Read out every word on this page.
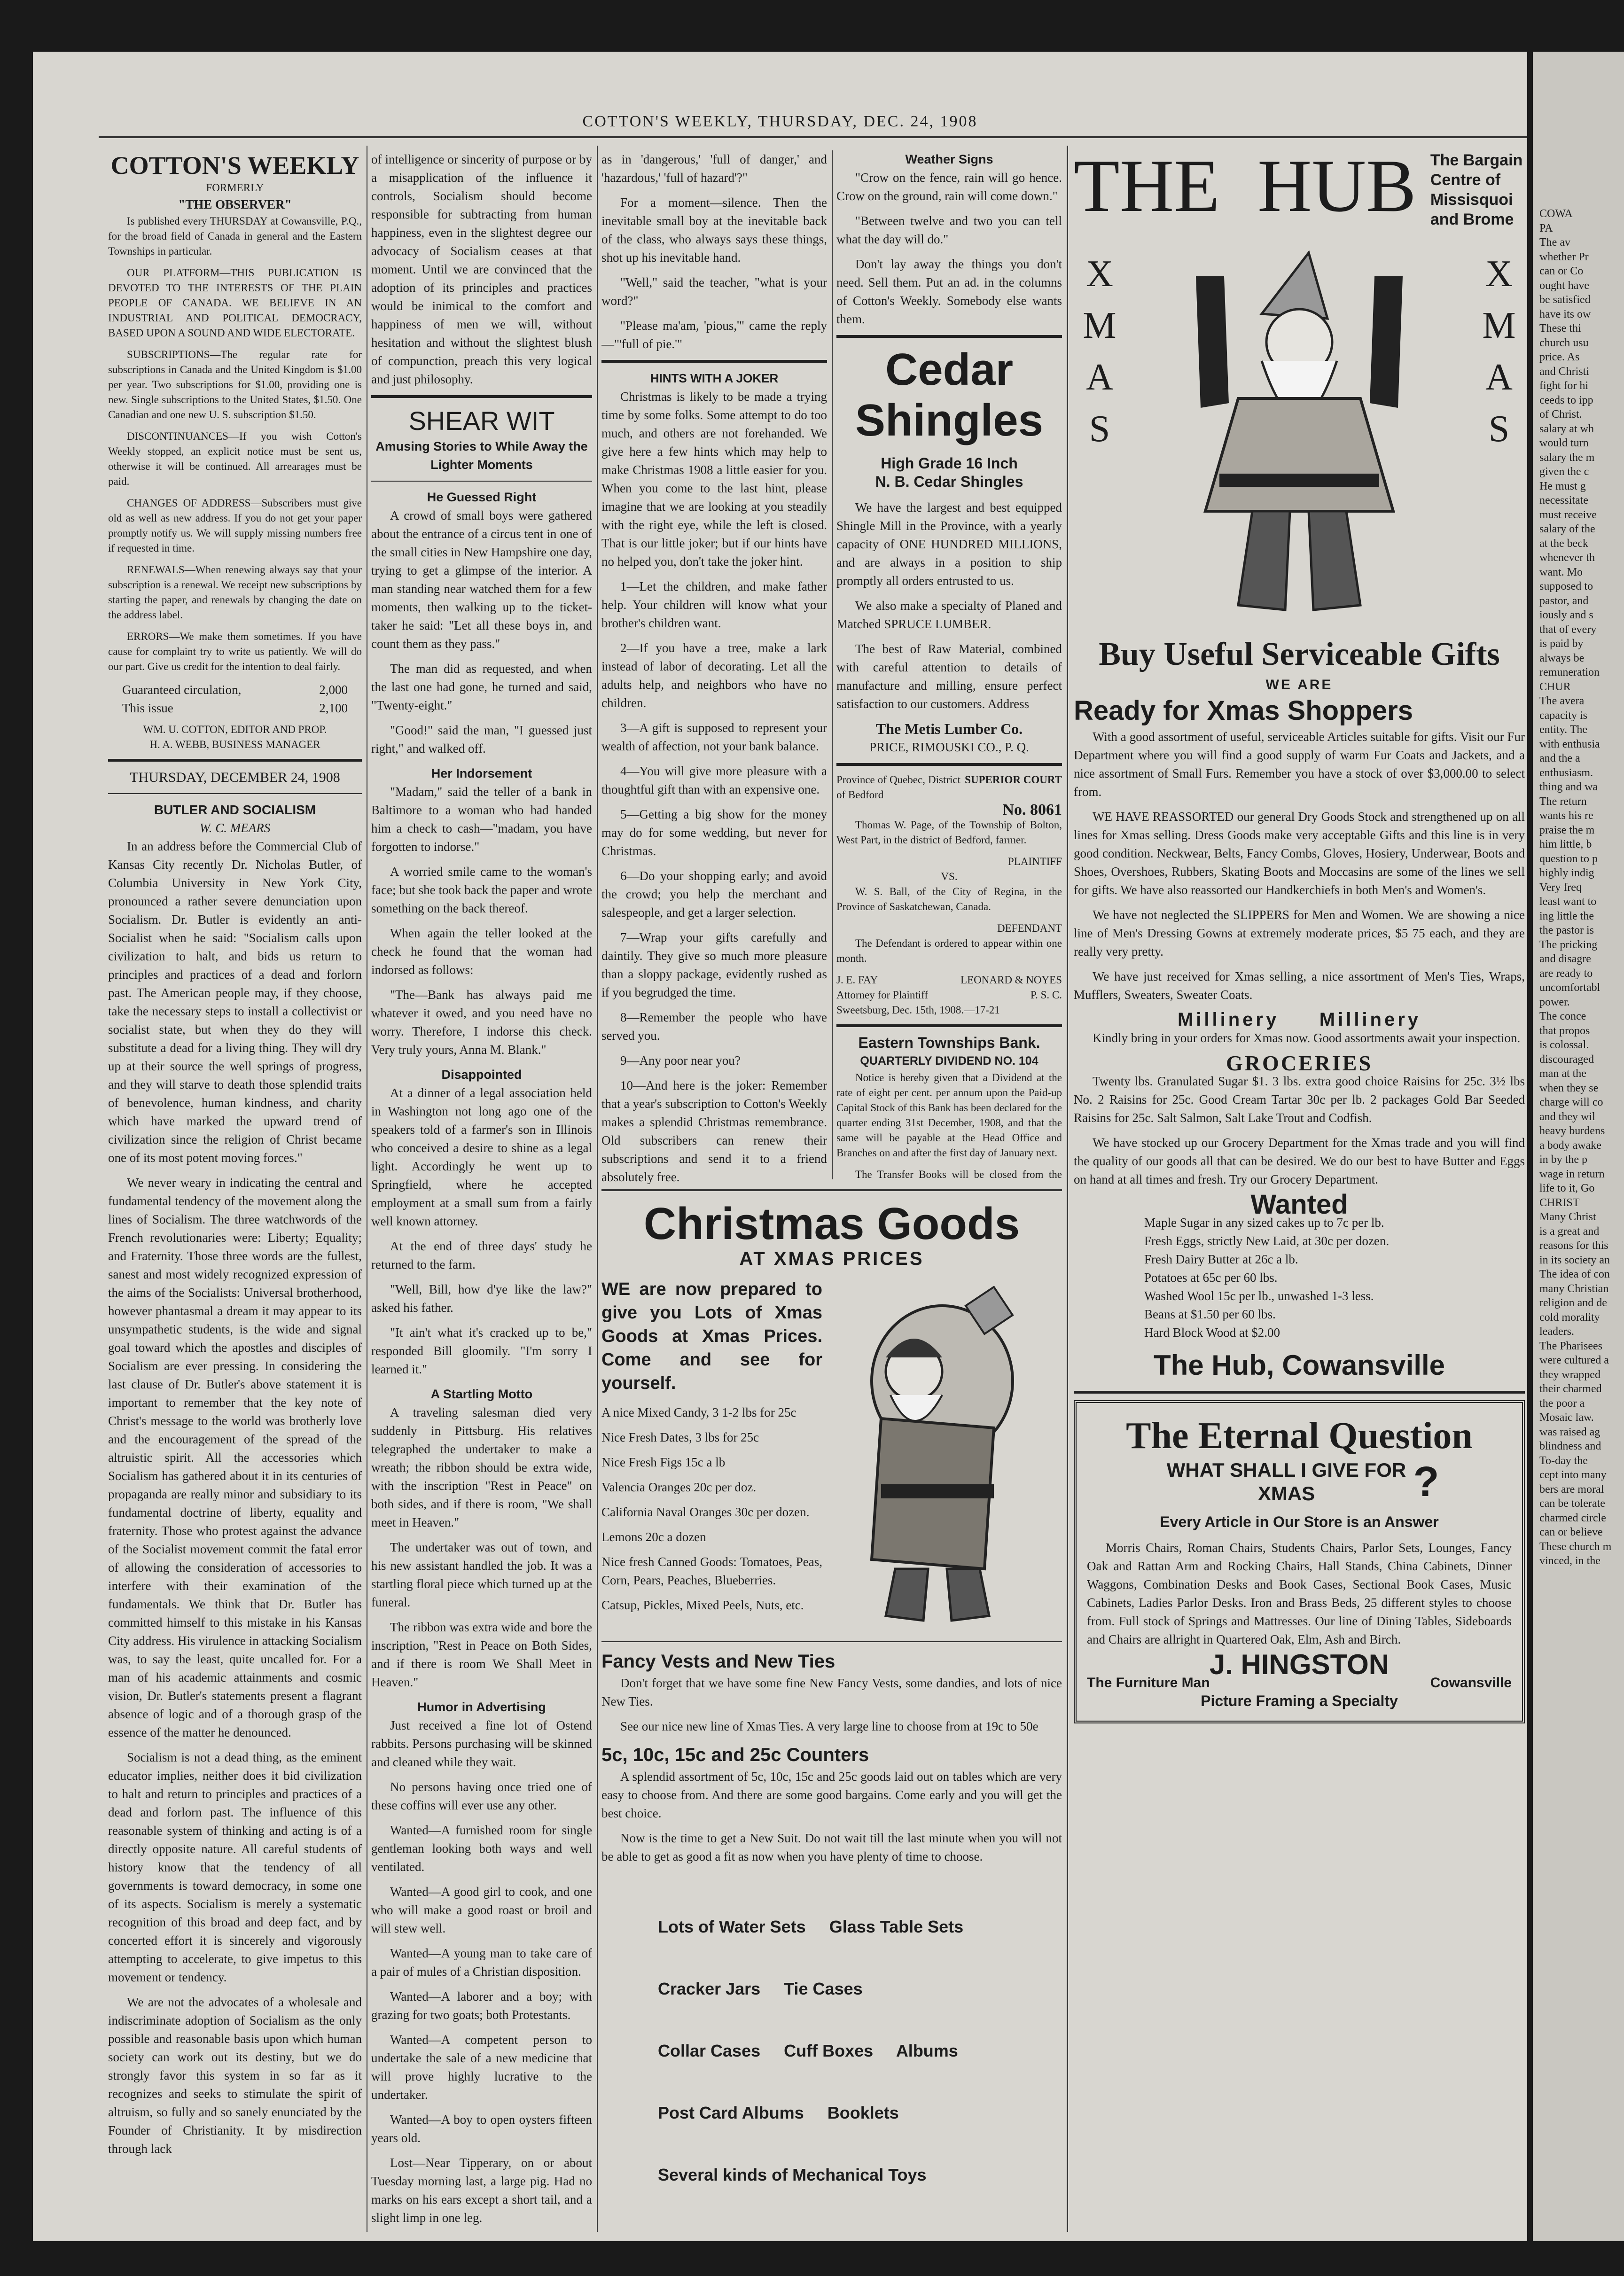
COTTON'S WEEKLY, THURSDAY, DEC. 24, 1908
COTTON'S WEEKLY
FORMERLY
"THE OBSERVER"

Is published every THURSDAY at Cowansville, P.Q., for the broad field of Canada in general and the Eastern Townships in particular.

OUR PLATFORM—THIS PUBLICATION IS DEVOTED TO THE INTERESTS OF THE PLAIN PEOPLE OF CANADA. WE BELIEVE IN AN INDUSTRIAL AND POLITICAL DEMOCRACY, BASED UPON A SOUND AND WIDE ELECTORATE.

SUBSCRIPTIONS—The regular rate for subscriptions in Canada and the United Kingdom is $1.00 per year. Two subscriptions for $1.00, providing one is new. Single subscriptions to the United States, $1.50. One Canadian and one new U. S. subscription $1.50.

DISCONTINUANCES—If you wish Cotton's Weekly stopped, an explicit notice must be sent us, otherwise it will be continued. All arrearages must be paid.

CHANGES OF ADDRESS—Subscribers must give old as well as new address. If you do not get your paper promptly notify us. We will supply missing numbers free if requested in time.

RENEWALS—When renewing always say that your subscription is a renewal. We receipt new subscriptions by starting the paper, and renewals by changing the date on the address label.

ERRORS—We make them sometimes. If you have cause for complaint try to write us patiently. We will do our part. Give us credit for the intention to deal fairly.

Guaranteed circulation,	2,000
This issue	2,100
WM. U. COTTON, EDITOR AND PROP.
H. A. WEBB, BUSINESS MANAGER
THURSDAY, DECEMBER 24, 1908
BUTLER AND SOCIALISM
W. C. MEARS

In an address before the Commercial Club of Kansas City recently Dr. Nicholas Butler, of Columbia University in New York City, pronounced a rather severe denunciation upon Socialism. Dr. Butler is evidently an anti-Socialist when he said: "Socialism calls upon civilization to halt, and bids us return to principles and practices of a dead and forlorn past. The American people may, if they choose, take the necessary steps to install a collectivist or socialist state, but when they do they will substitute a dead for a living thing. They will dry up at their source the well springs of progress, and they will starve to death those splendid traits of benevolence, human kindness, and charity which have marked the upward trend of civilization since the religion of Christ became one of its most potent moving forces."

We never weary in indicating the central and fundamental tendency of the movement along the lines of Socialism. The three watchwords of the French revolutionaries were: Liberty; Equality; and Fraternity. Those three words are the fullest, sanest and most widely recognized expression of the aims of the Socialists: Universal brotherhood, however phantasmal a dream it may appear to its unsympathetic students, is the wide and signal goal toward which the apostles and disciples of Socialism are ever pressing. In considering the last clause of Dr. Butler's above statement it is important to remember that the key note of Christ's message to the world was brotherly love and the encouragement of the spread of the altruistic spirit. All the accessories which Socialism has gathered about it in its centuries of propaganda are really minor and subsidiary to its fundamental doctrine of liberty, equality and fraternity. Those who protest against the advance of the Socialist movement commit the fatal error of allowing the consideration of accessories to interfere with their examination of the fundamentals. We think that Dr. Butler has committed himself to this mistake in his Kansas City address. His virulence in attacking Socialism was, to say the least, quite uncalled for. For a man of his academic attainments and cosmic vision, Dr. Butler's statements present a flagrant absence of logic and of a thorough grasp of the essence of the matter he denounced.

Socialism is not a dead thing, as the eminent educator implies, neither does it bid civilization to halt and return to principles and practices of a dead and forlorn past. The influence of this reasonable system of thinking and acting is of a directly opposite nature. All careful students of history know that the tendency of all governments is toward democracy, in some one of its aspects. Socialism is merely a systematic recognition of this broad and deep fact, and by concerted effort it is sincerely and vigorously attempting to accelerate, to give impetus to this movement or tendency.

We are not the advocates of a wholesale and indiscriminate adoption of Socialism as the only possible and reasonable basis upon which human society can work out its destiny, but we do strongly favor this system in so far as it recognizes and seeks to stimulate the spirit of altruism, so fully and so sanely enunciated by the Founder of Christianity. It by misdirection through lack

of intelligence or sincerity of purpose or by a misapplication of the influence it controls, Socialism should become responsible for subtracting from human happiness, even in the slightest degree our advocacy of Socialism ceases at that moment. Until we are convinced that the adoption of its principles and practices would be inimical to the comfort and happiness of men we will, without hesitation and without the slightest blush of compunction, preach this very logical and just philosophy.

SHEAR WIT
Amusing Stories to While Away the Lighter Moments
He Guessed Right

A crowd of small boys were gathered about the entrance of a circus tent in one of the small cities in New Hampshire one day, trying to get a glimpse of the interior. A man standing near watched them for a few moments, then walking up to the ticket-taker he said: "Let all these boys in, and count them as they pass."

The man did as requested, and when the last one had gone, he turned and said, "Twenty-eight."

"Good!" said the man, "I guessed just right," and walked off.

Her Indorsement

"Madam," said the teller of a bank in Baltimore to a woman who had handed him a check to cash—"madam, you have forgotten to indorse."

A worried smile came to the woman's face; but she took back the paper and wrote something on the back thereof.

When again the teller looked at the check he found that the woman had indorsed as follows:

"The—Bank has always paid me whatever it owed, and you need have no worry. Therefore, I indorse this check. Very truly yours, Anna M. Blank."

Disappointed

At a dinner of a legal association held in Washington not long ago one of the speakers told of a farmer's son in Illinois who conceived a desire to shine as a legal light. Accordingly he went up to Springfield, where he accepted employment at a small sum from a fairly well known attorney.

At the end of three days' study he returned to the farm.

"Well, Bill, how d'ye like the law?" asked his father.

"It ain't what it's cracked up to be," responded Bill gloomily. "I'm sorry I learned it."

A Startling Motto

A traveling salesman died very suddenly in Pittsburg. His relatives telegraphed the undertaker to make a wreath; the ribbon should be extra wide, with the inscription "Rest in Peace" on both sides, and if there is room, "We shall meet in Heaven."

The undertaker was out of town, and his new assistant handled the job. It was a startling floral piece which turned up at the funeral.

The ribbon was extra wide and bore the inscription, "Rest in Peace on Both Sides, and if there is room We Shall Meet in Heaven."

Humor in Advertising

Just received a fine lot of Ostend rabbits. Persons purchasing will be skinned and cleaned while they wait.

No persons having once tried one of these coffins will ever use any other.

Wanted—A furnished room for single gentleman looking both ways and well ventilated.

Wanted—A good girl to cook, and one who will make a good roast or broil and will stew well.

Wanted—A young man to take care of a pair of mules of a Christian disposition.

Wanted—A laborer and a boy; with grazing for two goats; both Protestants.

Wanted—A competent person to undertake the sale of a new medicine that will prove highly lucrative to the undertaker.

Wanted—A boy to open oysters fifteen years old.

Lost—Near Tipperary, on or about Tuesday morning last, a large pig. Had no marks on his ears except a short tail, and a slight limp in one leg.

as in 'dangerous,' 'full of danger,' and 'hazardous,' 'full of hazard'?"

For a moment—silence. Then the inevitable small boy at the inevitable back of the class, who always says these things, shot up his inevitable hand.

"Well," said the teacher, "what is your word?"

"Please ma'am, 'pious,'" came the reply—"'full of pie.'"

HINTS WITH A JOKER

Christmas is likely to be made a trying time by some folks. Some attempt to do too much, and others are not forehanded. We give here a few hints which may help to make Christmas 1908 a little easier for you. When you come to the last hint, please imagine that we are looking at you steadily with the right eye, while the left is closed. That is our little joker; but if our hints have no helped you, don't take the joker hint.

1—Let the children, and make father help. Your children will know what your brother's children want.

2—If you have a tree, make a lark instead of labor of decorating. Let all the adults help, and neighbors who have no children.

3—A gift is supposed to represent your wealth of affection, not your bank balance.

4—You will give more pleasure with a thoughtful gift than with an expensive one.

5—Getting a big show for the money may do for some wedding, but never for Christmas.

6—Do your shopping early; and avoid the crowd; you help the merchant and salespeople, and get a larger selection.

7—Wrap your gifts carefully and daintily. They give so much more pleasure than a sloppy package, evidently rushed as if you begrudged the time.

8—Remember the people who have served you.

9—Any poor near you?

10—And here is the joker: Remember that a year's subscription to Cotton's Weekly makes a splendid Christmas remembrance. Old subscribers can renew their subscriptions and send it to a friend absolutely free.

Weather Signs

"Crow on the fence, rain will go hence. Crow on the ground, rain will come down."

"Between twelve and two you can tell what the day will do."

Don't lay away the things you don't need. Sell them. Put an ad. in the columns of Cotton's Weekly. Somebody else wants them.

Cedar
Shingles
High Grade 16 Inch
N. B. Cedar Shingles

We have the largest and best equipped Shingle Mill in the Province, with a yearly capacity of ONE HUNDRED MILLIONS, and are always in a position to ship promptly all orders entrusted to us.

We also make a specialty of Planed and Matched SPRUCE LUMBER.

The best of Raw Material, combined with careful attention to details of manufacture and milling, ensure perfect satisfaction to our customers. Address

The Metis Lumber Co.
PRICE, RIMOUSKI CO., P. Q.
Province of Quebec, District of Bedford
SUPERIOR COURT
No. 8061

Thomas W. Page, of the Township of Bolton, West Part, in the district of Bedford, farmer.

PLAINTIFF
VS.

W. S. Ball, of the City of Regina, in the Province of Saskatchewan, Canada.

DEFENDANT

The Defendant is ordered to appear within one month.

J. E. FAY	LEONARD & NOYES
Attorney for Plaintiff	P. S. C.
Sweetsburg, Dec. 15th, 1908.—17-21
Eastern Townships Bank.
QUARTERLY DIVIDEND NO. 104

Notice is hereby given that a Dividend at the rate of eight per cent. per annum upon the Paid-up Capital Stock of this Bank has been declared for the quarter ending 31st December, 1908, and that the same will be payable at the Head Office and Branches on and after the first day of January next.

The Transfer Books will be closed from the

Christmas Goods
AT XMAS PRICES
WE are now prepared to give you Lots of Xmas Goods at Xmas Prices. Come and see for yourself.

A nice Mixed Candy, 3 1-2 lbs for 25c

Nice Fresh Dates, 3 lbs for 25c

Nice Fresh Figs 15c a lb

Valencia Oranges 20c per doz.

California Naval Oranges 30c per dozen.

Lemons 20c a dozen

Nice fresh Canned Goods: Tomatoes, Peas, Corn, Pears, Peaches, Blueberries.

Catsup, Pickles, Mixed Peels, Nuts, etc.

Fancy Vests and New Ties

Don't forget that we have some fine New Fancy Vests, some dandies, and lots of nice New Ties.

See our nice new line of Xmas Ties. A very large line to choose from at 19c to 50e

5c, 10c, 15c and 25c Counters

A splendid assortment of 5c, 10c, 15c and 25c goods laid out on tables which are very easy to choose from. And there are some good bargains. Come early and you will get the best choice.

Now is the time to get a New Suit. Do not wait till the last minute when you will not be able to get as good a fit as now when you have plenty of time to choose.

Lots of Water Sets     Glass Table Sets

Cracker Jars     Tie Cases

Collar Cases     Cuff Boxes     Albums

Post Card Albums     Booklets

Several kinds of Mechanical Toys

THE HUB The Bargain Centre of Missisquoi and Brome
X
M
A
S
X
M
A
S
Buy Useful Serviceable Gifts
WE ARE
Ready for Xmas Shoppers

With a good assortment of useful, serviceable Articles suitable for gifts. Visit our Fur Department where you will find a good supply of warm Fur Coats and Jackets, and a nice assortment of Small Furs. Remember you have a stock of over $3,000.00 to select from.

WE HAVE REASSORTED our general Dry Goods Stock and strengthened up on all lines for Xmas selling. Dress Goods make very acceptable Gifts and this line is in very good condition. Neckwear, Belts, Fancy Combs, Gloves, Hosiery, Underwear, Boots and Shoes, Overshoes, Rubbers, Skating Boots and Moccasins are some of the lines we sell for gifts. We have also reassorted our Handkerchiefs in both Men's and Women's.

We have not neglected the SLIPPERS for Men and Women. We are showing a nice line of Men's Dressing Gowns at extremely moderate prices, $5 75 each, and they are really very pretty.

We have just received for Xmas selling, a nice assortment of Men's Ties, Wraps, Mufflers, Sweaters, Sweater Coats.

Millinery     Millinery

Kindly bring in your orders for Xmas now. Good assortments await your inspection.

GROCERIES

Twenty lbs. Granulated Sugar $1. 3 lbs. extra good choice Raisins for 25c. 3½ lbs No. 2 Raisins for 25c. Good Cream Tartar 30c per lb. 2 packages Gold Bar Seeded Raisins for 25c. Salt Salmon, Salt Lake Trout and Codfish.

We have stocked up our Grocery Department for the Xmas trade and you will find the quality of our goods all that can be desired. We do our best to have Butter and Eggs on hand at all times and fresh. Try our Grocery Department.

Wanted
Maple Sugar in any sized cakes up to 7c per lb.
Fresh Eggs, strictly New Laid, at 30c per dozen.
Fresh Dairy Butter at 26c a lb.
Potatoes at 65c per 60 lbs.
Washed Wool 15c per lb., unwashed 1-3 less.
Beans at $1.50 per 60 lbs.
Hard Block Wood at $2.00
The Hub, Cowansville
The Eternal Question
WHAT SHALL I GIVE FOR XMAS	?
Every Article in Our Store is an Answer

Morris Chairs, Roman Chairs, Students Chairs, Parlor Sets, Lounges, Fancy Oak and Rattan Arm and Rocking Chairs, Hall Stands, China Cabinets, Dinner Waggons, Combination Desks and Book Cases, Sectional Book Cases, Music Cabinets, Ladies Parlor Desks. Iron and Brass Beds, 25 different styles to choose from. Full stock of Springs and Mattresses. Our line of Dining Tables, Sideboards and Chairs are allright in Quartered Oak, Elm, Ash and Birch.

J. HINGSTON
The Furniture Man	Cowansville
Picture Framing a Specialty
COWA
PA
The av
whether Pr
can or Co
ought have
be satisfied
have its ow
These thi
church usu
price. As
and Christi
fight for hi
ceeds to ipp
of Christ.
salary at wh
would turn
salary the m
given the c
He must g
necessitate
must receive
salary of the
at the beck
whenever th
want. Mo
supposed to
pastor, and
iously and s
that of every
is paid by
always be
remuneration
CHUR
The avera
capacity is
entity. The
with enthusia
and the a
enthusiasm.
thing and wa
The return
wants his re
praise the m
him little, b
question to p
highly indig
Very freq
least want to
ing little the
the pastor is
The pricking
and disagre
are ready to
uncomfortabl
power.
The conce
that propos
is colossal.
discouraged
man at the
when they se
charge will co
and they wil
heavy burdens
a body awake
in by the p
wage in return
life to it, Go
CHRIST
Many Christ
is a great and
reasons for this
in its society an
The idea of con
many Christian
religion and de
cold morality
leaders.
The Pharisees
were cultured a
they wrapped
their charmed
the poor a
Mosaic law.
was raised ag
blindness and
To-day the
cept into many
bers are moral
can be tolerate
charmed circle
can or believe
These church m
vinced, in the
